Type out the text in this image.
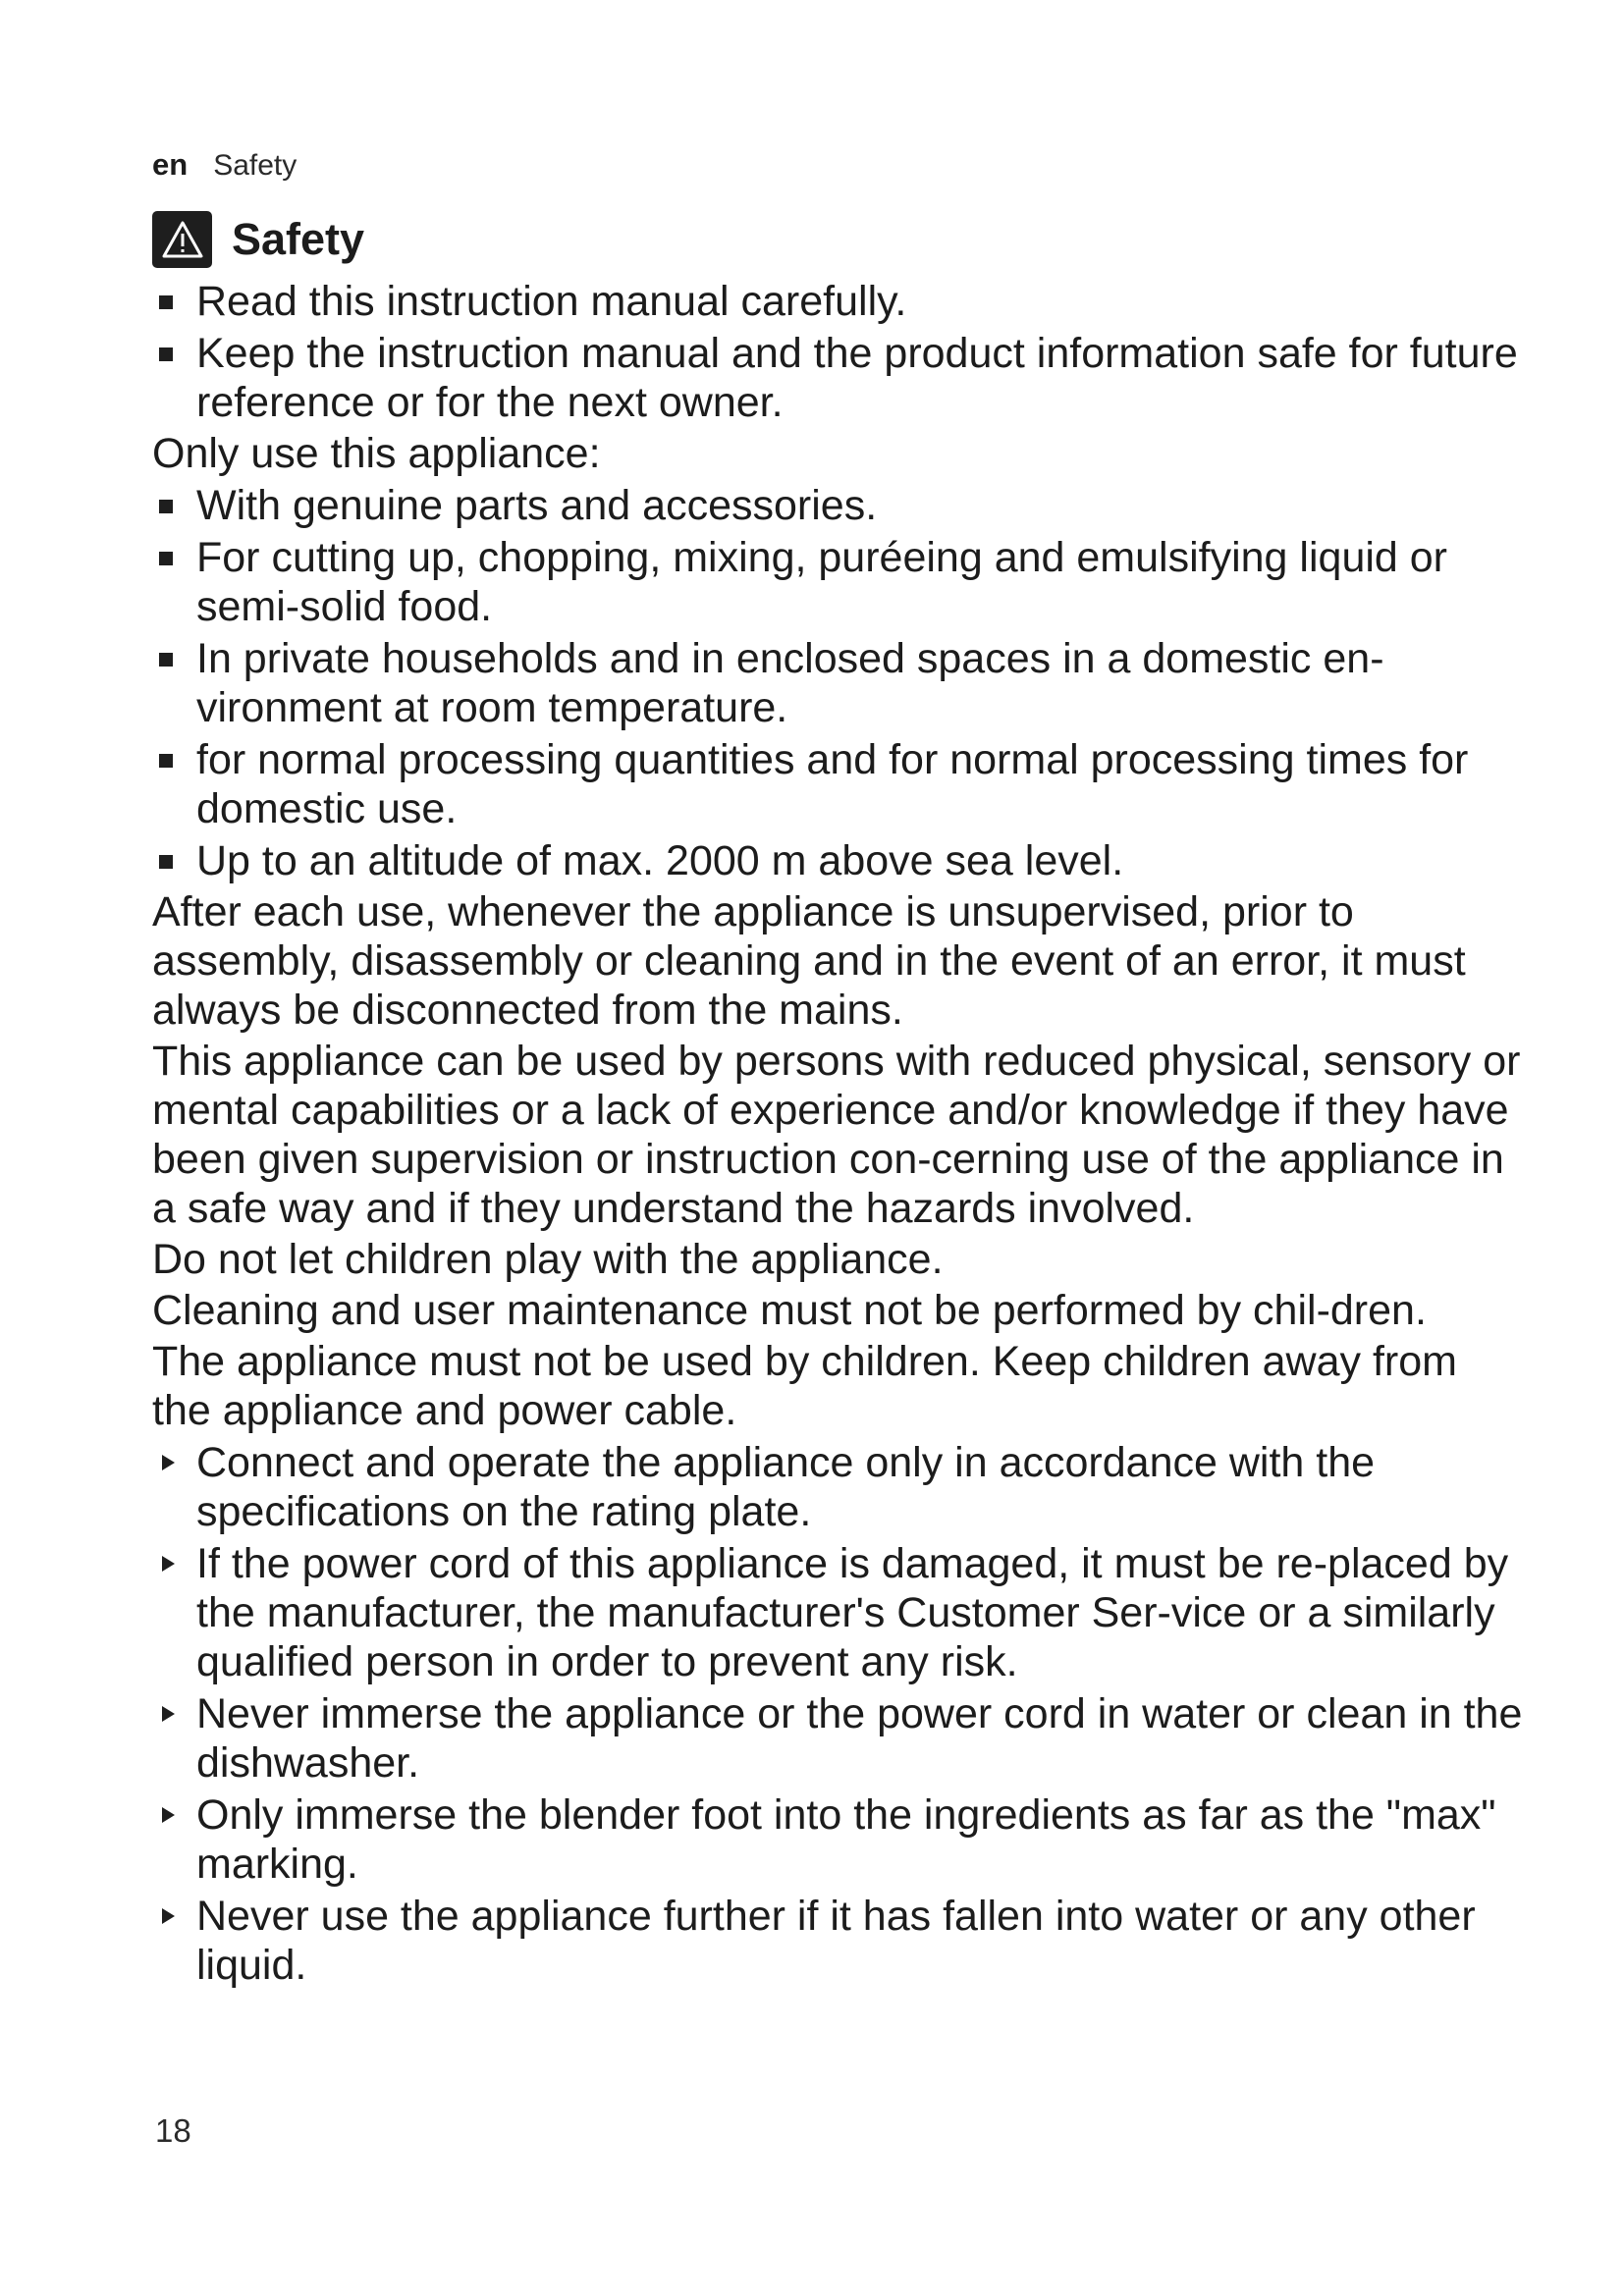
en Safety
Safety
Read this instruction manual carefully.
Keep the instruction manual and the product information safe for future reference or for the next owner.
Only use this appliance:
With genuine parts and accessories.
For cutting up, chopping, mixing, puréeing and emulsifying liquid or semi-solid food.
In private households and in enclosed spaces in a domestic en-vironment at room temperature.
for normal processing quantities and for normal processing times for domestic use.
Up to an altitude of max. 2000 m above sea level.
After each use, whenever the appliance is unsupervised, prior to assembly, disassembly or cleaning and in the event of an error, it must always be disconnected from the mains.
This appliance can be used by persons with reduced physical, sensory or mental capabilities or a lack of experience and/or knowledge if they have been given supervision or instruction con-cerning use of the appliance in a safe way and if they understand the hazards involved.
Do not let children play with the appliance.
Cleaning and user maintenance must not be performed by chil-dren.
The appliance must not be used by children. Keep children away from the appliance and power cable.
Connect and operate the appliance only in accordance with the specifications on the rating plate.
If the power cord of this appliance is damaged, it must be re-placed by the manufacturer, the manufacturer's Customer Ser-vice or a similarly qualified person in order to prevent any risk.
Never immerse the appliance or the power cord in water or clean in the dishwasher.
Only immerse the blender foot into the ingredients as far as the "max" marking.
Never use the appliance further if it has fallen into water or any other liquid.
18
